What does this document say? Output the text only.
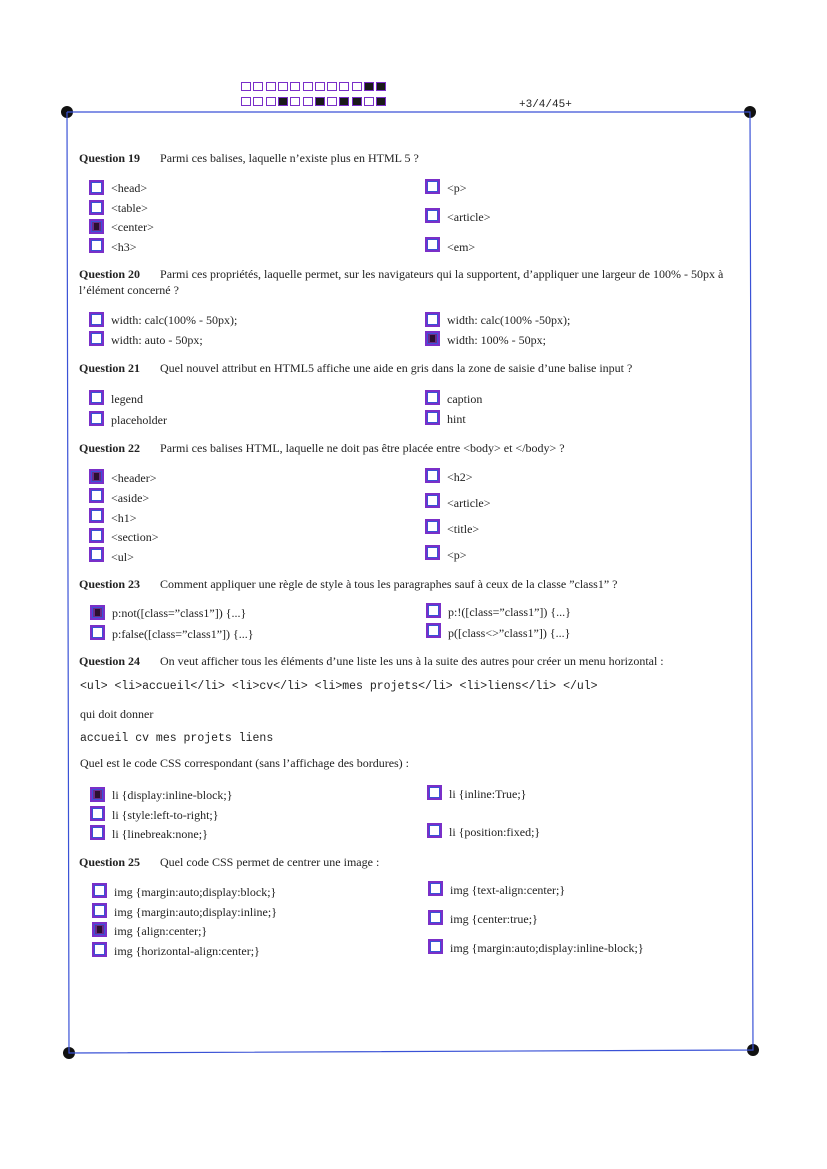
+3/4/45+
Question 19 Parmi ces balises, laquelle n’existe plus en HTML 5 ?
<head>
<table>
<center>
<h3>
<p>
<article>
<em>
Question 20 Parmi ces propriétés, laquelle permet, sur les navigateurs qui la supportent, d’appliquer une largeur de 100% - 50px à l’élément concerné ?
width: calc(100% - 50px);
width: auto - 50px;
width: calc(100% -50px);
width: 100% - 50px;
Question 21 Quel nouvel attribut en HTML5 affiche une aide en gris dans la zone de saisie d’une balise input ?
legend
placeholder
caption
hint
Question 22 Parmi ces balises HTML, laquelle ne doit pas être placée entre <body> et </body> ?
<header>
<aside>
<h1>
<section>
<ul>
<h2>
<article>
<title>
<p>
Question 23 Comment appliquer une règle de style à tous les paragraphes sauf à ceux de la classe ”class1” ?
p:not([class=”class1”]) {...}
p:false([class=”class1”]) {...}
p:!([class=”class1”]) {...}
p([class<>”class1”]) {...}
Question 24 On veut afficher tous les éléments d’une liste les uns à la suite des autres pour créer un menu horizontal :
<ul> <li>accueil</li> <li>cv</li> <li>mes projets</li> <li>liens</li> </ul>
qui doit donner
accueil cv mes projets liens
Quel est le code CSS correspondant (sans l’affichage des bordures) :
li {display:inline-block;}
li {style:left-to-right;}
li {linebreak:none;}
li {inline:True;}
li {position:fixed;}
Question 25 Quel code CSS permet de centrer une image :
img {margin:auto;display:block;}
img {margin:auto;display:inline;}
img {align:center;}
img {horizontal-align:center;}
img {text-align:center;}
img {center:true;}
img {margin:auto;display:inline-block;}
